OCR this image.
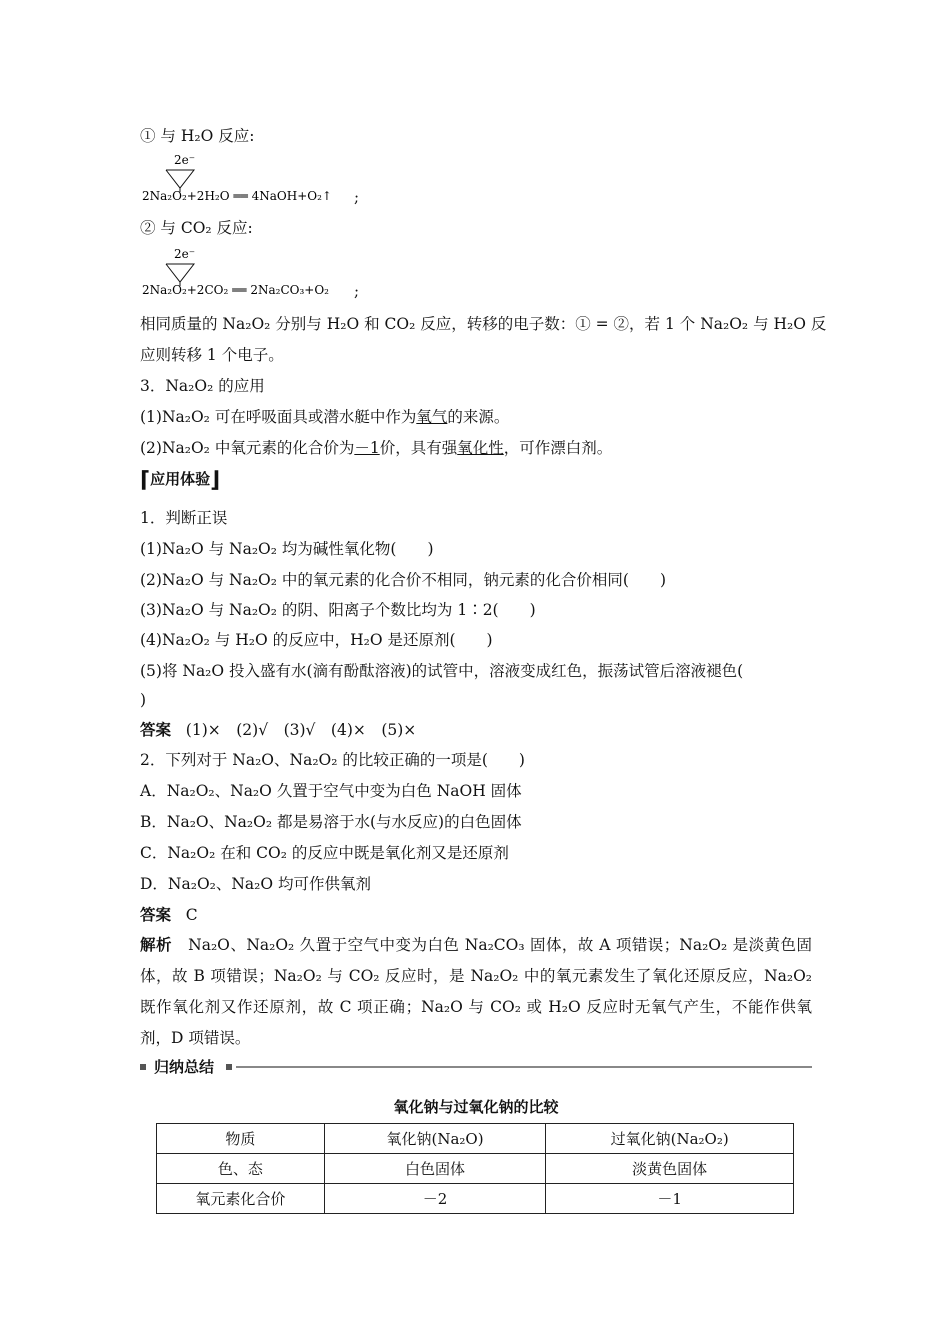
① 与 H₂O 反应:
2e⁻
2Na₂O₂+2H₂O ══ 4NaOH+O₂↑ ;
② 与 CO₂ 反应:
2e⁻
2Na₂O₂+2CO₂ ══ 2Na₂CO₃+O₂ ;
相同质量的 Na₂O₂ 分别与 H₂O 和 CO₂ 反应，转移的电子数：① = ②，若 1 个 Na₂O₂ 与 H₂O 反
应则转移 1 个电子。
3．Na₂O₂ 的应用
(1)Na₂O₂ 可在呼吸面具或潜水艇中作为氧气的来源。
(2)Na₂O₂ 中氧元素的化合价为－1价，具有强氧化性，可作漂白剂。
⌈应用体验⌋
1．判断正误
(1)Na₂O 与 Na₂O₂ 均为碱性氧化物(　　)
(2)Na₂O 与 Na₂O₂ 中的氧元素的化合价不相同，钠元素的化合价相同(　　)
(3)Na₂O 与 Na₂O₂ 的阴、阳离子个数比均为 1∶2(　　)
(4)Na₂O₂ 与 H₂O 的反应中，H₂O 是还原剂(　　)
(5)将 Na₂O 投入盛有水(滴有酚酞溶液)的试管中，溶液变成红色，振荡试管后溶液褪色(
)
答案 (1)×　(2)√　(3)√　(4)×　(5)×
2．下列对于 Na₂O、Na₂O₂ 的比较正确的一项是(　　)
A．Na₂O₂、Na₂O 久置于空气中变为白色 NaOH 固体
B．Na₂O、Na₂O₂ 都是易溶于水(与水反应)的白色固体
C．Na₂O₂ 在和 CO₂ 的反应中既是氧化剂又是还原剂
D．Na₂O₂、Na₂O 均可作供氧剂
答案 C
解析 Na₂O、Na₂O₂ 久置于空气中变为白色 Na₂CO₃ 固体，故 A 项错误；Na₂O₂ 是淡黄色固体，故 B 项错误；Na₂O₂ 与 CO₂ 反应时，是 Na₂O₂ 中的氧元素发生了氧化还原反应，Na₂O₂ 既作氧化剂又作还原剂，故 C 项正确；Na₂O 与 CO₂ 或 H₂O 反应时无氧气产生，不能作供氧剂，D 项错误。
归纳总结
氧化钠与过氧化钠的比较
物质	氧化钠(Na₂O)	过氧化钠(Na₂O₂)
色、态	白色固体	淡黄色固体
氧元素化合价	－2	－1
